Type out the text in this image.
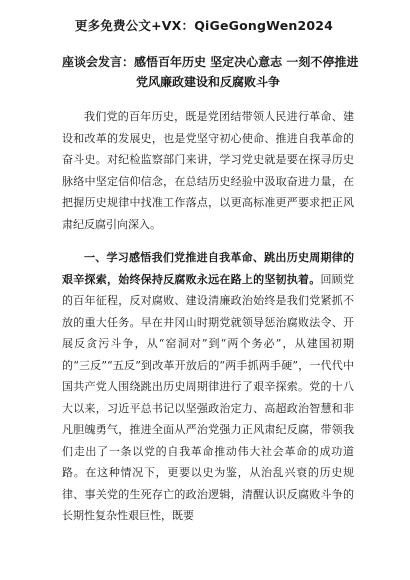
更多免费公文+VX：QiGeGongWen2024
座谈会发言：感悟百年历史 坚定决心意志 一刻不停推进
党风廉政建设和反腐败斗争

我们党的百年历史，既是党团结带领人民进行革命、建设和改革的发展史，也是党坚守初心使命、推进自我革命的奋斗史。对纪检监察部门来讲，学习党史就是要在探寻历史脉络中坚定信仰信念，在总结历史经验中汲取奋进力量，在把握历史规律中找准工作落点，以更高标准更严要求把正风肃纪反腐引向深入。

一、学习感悟我们党推进自我革命、跳出历史周期律的艰辛探索，始终保持反腐败永远在路上的坚韧执着。回顾党的百年征程，反对腐败、建设清廉政治始终是我们党紧抓不放的重大任务。早在井冈山时期党就领导惩治腐败法令、开展反贪污斗争，从“窑洞对”到“两个务必”，从建国初期的“三反”“五反”到改革开放后的“两手抓两手硬”，一代代中国共产党人围绕跳出历史周期律进行了艰辛探索。党的十八大以来，习近平总书记以坚强政治定力、高超政治智慧和非凡胆魄勇气，推进全面从严治党强力正风肃纪反腐，带领我们走出了一条以党的自我革命推动伟大社会革命的成功道路。在这种情况下，更要以史为鉴，从治乱兴衰的历史规律、事关党的生死存亡的政治逻辑，清醒认识反腐败斗争的长期性复杂性艰巨性，既要
